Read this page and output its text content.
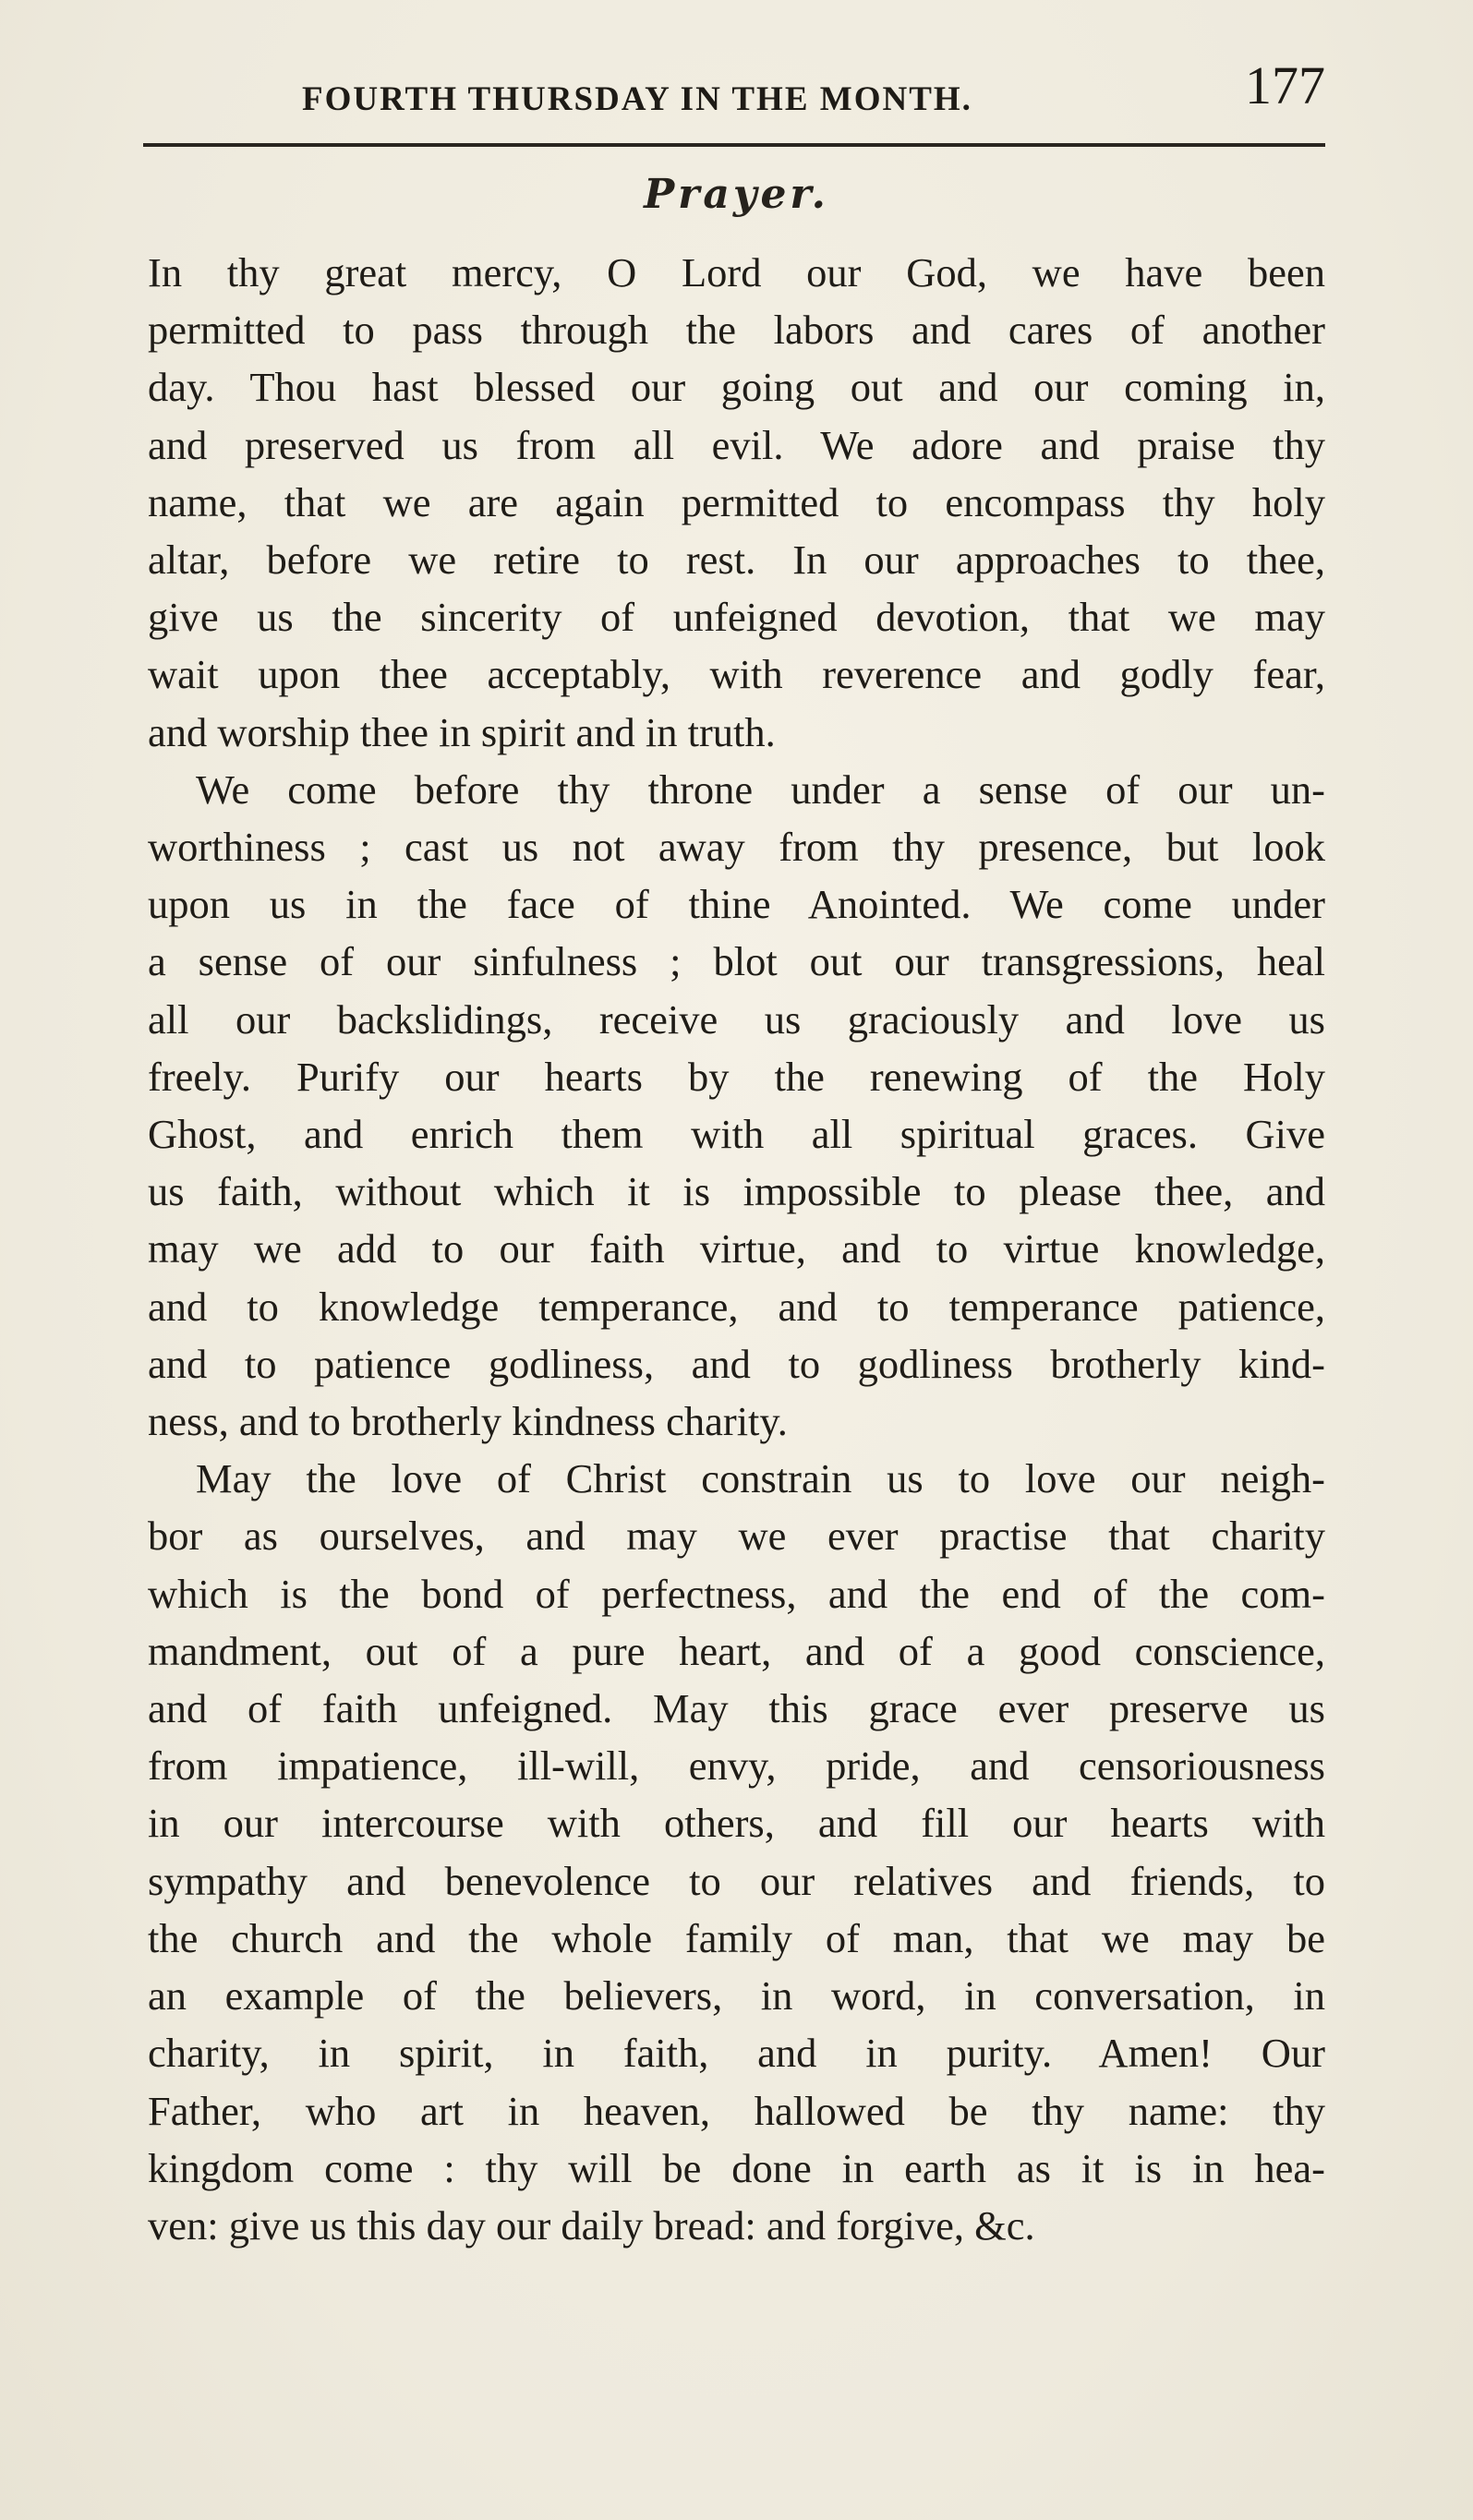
FOURTH THURSDAY IN THE MONTH.	177
Prayer.
In thy great mercy, O Lord our God, we have been
permitted to pass through the labors and cares of another
day. Thou hast blessed our going out and our coming in,
and preserved us from all evil. We adore and praise thy
name, that we are again permitted to encompass thy holy
altar, before we retire to rest. In our approaches to thee,
give us the sincerity of unfeigned devotion, that we may
wait upon thee acceptably, with reverence and godly fear,
and worship thee in spirit and in truth.
We come before thy throne under a sense of our un-
worthiness ; cast us not away from thy presence, but look
upon us in the face of thine Anointed. We come under
a sense of our sinfulness ; blot out our transgressions, heal
all our backslidings, receive us graciously and love us
freely. Purify our hearts by the renewing of the Holy
Ghost, and enrich them with all spiritual graces. Give
us faith, without which it is impossible to please thee, and
may we add to our faith virtue, and to virtue knowledge,
and to knowledge temperance, and to temperance patience,
and to patience godliness, and to godliness brotherly kind-
ness, and to brotherly kindness charity.
May the love of Christ constrain us to love our neigh-
bor as ourselves, and may we ever practise that charity
which is the bond of perfectness, and the end of the com-
mandment, out of a pure heart, and of a good conscience,
and of faith unfeigned. May this grace ever preserve us
from impatience, ill-will, envy, pride, and censoriousness
in our intercourse with others, and fill our hearts with
sympathy and benevolence to our relatives and friends, to
the church and the whole family of man, that we may be
an example of the believers, in word, in conversation, in
charity, in spirit, in faith, and in purity. Amen! Our
Father, who art in heaven, hallowed be thy name: thy
kingdom come : thy will be done in earth as it is in hea-
ven: give us this day our daily bread: and forgive, &c.
